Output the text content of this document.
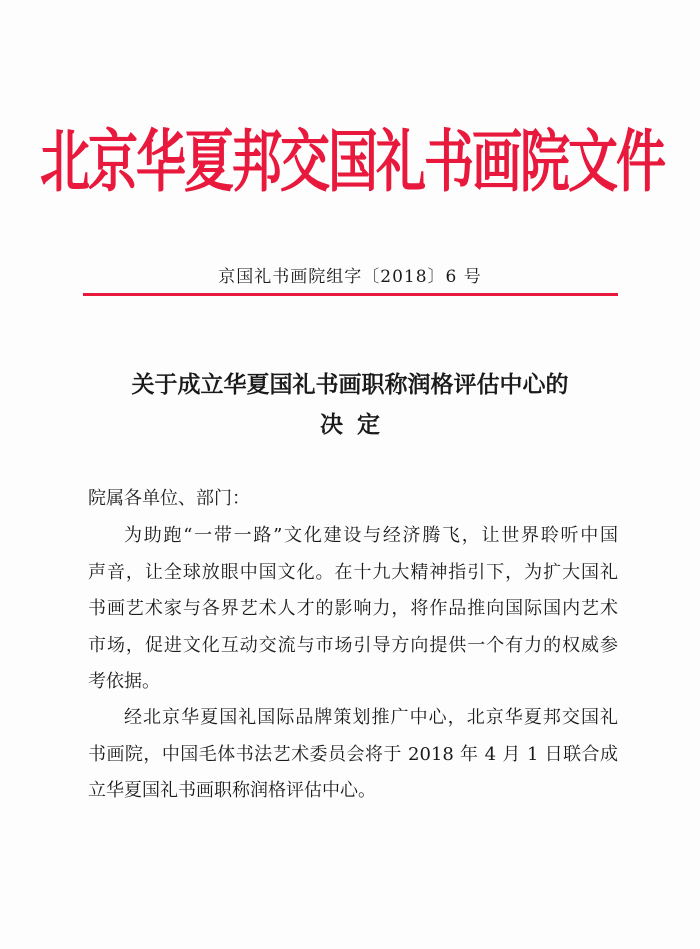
北京华夏邦交国礼书画院文件
京国礼书画院组字〔2018〕6 号
关于成立华夏国礼书画职称润格评估中心的
决定
院属各单位、部门：
为助跑“一带一路”文化建设与经济腾飞，让世界聆听中国
声音，让全球放眼中国文化。在十九大精神指引下，为扩大国礼
书画艺术家与各界艺术人才的影响力，将作品推向国际国内艺术
市场，促进文化互动交流与市场引导方向提供一个有力的权威参
考依据。
经北京华夏国礼国际品牌策划推广中心，北京华夏邦交国礼
书画院，中国毛体书法艺术委员会将于 2018 年 4 月 1 日联合成
立华夏国礼书画职称润格评估中心。
